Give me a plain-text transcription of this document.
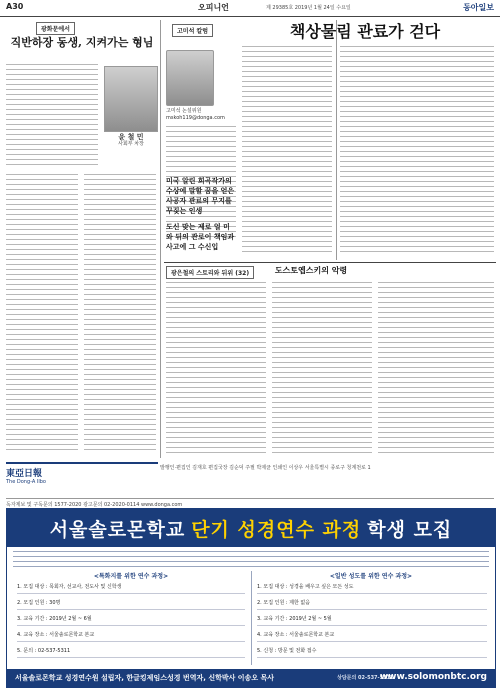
A30	오피니언	제 29385호 2019년 1월 24일 수요일	동아일보
광화문에서
직반하장 동생, 지켜가는 형님
윤 철 민
사회부 차장
고미석 칼럼	책상물림 관료가 걷다
고미석 논설위원
mskoh119@donga.com
미국 알린 희곡작가의 수상에 말할 꿈을 얻은 사공자 관료의 무지를 꾸짖는 인생
도신 맞는 제로 얼 미와 뒤의 관로이 책임과 사고에 그 수신입
광은철의 스토리와 뒤위 (32)	도스토옙스키의 악령
東亞日報
The Dong-A Ilbo
발행인·편집인 김재호 편집국장 김순덕 주필 박제균 인쇄인 이상우 서울특별시 종로구 청계천로 1
독자제보 및 구독문의 1577-2020 광고문의 02-2020-0114 www.donga.com
서울솔로몬학교 단기 성경연수 과정 학생 모집
<특화지를 위한 연수 과정>	<일반 성도를 위한 연수 과정>
1. 모집 대상 : 목회자, 선교사, 전도사 및 신학생
2. 모집 인원 : 30명
3. 교육 기간 : 2019년 2월 ~ 6월
4. 교육 장소 : 서울솔로몬학교 본교
5. 문의 : 02-537-5311
1. 모집 대상 : 성경을 배우고 싶은 모든 성도
2. 모집 인원 : 제한 없음
3. 교육 기간 : 2019년 2월 ~ 5월
4. 교육 장소 : 서울솔로몬학교 본교
5. 신청 : 방문 및 전화 접수
서울솔로몬학교 성경연수원 설립자, 한글킹제임스성경 번역자, 신학박사 이송오 목사	상담문의 02-537-5311
www.solomonbtc.org
